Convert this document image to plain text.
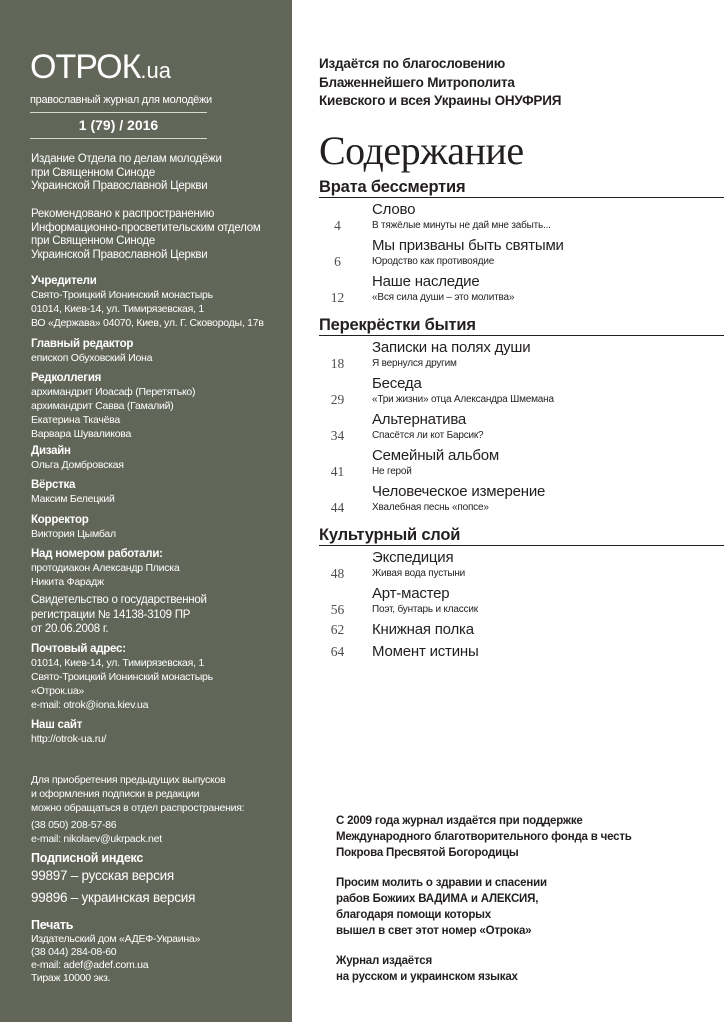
ОТРОК.ua
православный журнал для молодёжи
1 (79) / 2016
Издание Отдела по делам молодёжи
при Священном Синоде
Украинской Православной Церкви
Рекомендовано к распространению
Информационно-просветительским отделом
при Священном Синоде
Украинской Православной Церкви
Учредители
Свято-Троицкий Ионинский монастырь
01014, Киев-14, ул. Тимирязевская, 1
ВО «Держава» 04070, Киев, ул. Г. Сковороды, 17в
Главный редактор
епископ Обуховский Иона
Редколлегия
архимандрит Иоасаф (Перетятько)
архимандрит Савва (Гамалий)
Екатерина Ткачёва
Варвара Шуваликова
Дизайн
Ольга Домбровская
Вёрстка
Максим Белецкий
Корректор
Виктория Цымбал
Над номером работали:
протодиакон Александр Плиска
Никита Фарадж
Свидетельство о государственной
регистрации № 14138-3109 ПР
от 20.06.2008 г.
Почтовый адрес:
01014, Киев-14, ул. Тимирязевская, 1
Свято-Троицкий Ионинский монастырь
«Отрок.ua»
e-mail: otrok@iona.kiev.ua
Наш сайт
http://otrok-ua.ru/
Для приобретения предыдущих выпусков
и оформления подписки в редакции
можно обращаться в отдел распространения:
(38 050) 208-57-86
e-mail: nikolaev@ukrpack.net
Подписной индекс
99897 – русская версия
99896 – украинская версия
Печать
Издательский дом «АДЕФ-Украина»
(38 044) 284-08-60
e-mail: adef@adef.com.ua
Тираж 10000 экз.
Издаётся по благословению
Блаженнейшего Митрополита
Киевского и всея Украины ОНУФРИЯ
Содержание
Врата бессмертия
4
Слово
В тяжёлые минуты не дай мне забыть...
6
Мы призваны быть святыми
Юродство как противоядие
12
Наше наследие
«Вся сила души – это молитва»
Перекрёстки бытия
18
Записки на полях души
Я вернулся другим
29
Беседа
«Три жизни» отца Александра Шмемана
34
Альтернатива
Спасётся ли кот Барсик?
41
Семейный альбом
Не герой
44
Человеческое измерение
Хвалебная песнь «попсе»
Культурный слой
48
Экспедиция
Живая вода пустыни
56
Арт-мастер
Поэт, бунтарь и классик
62	Книжная полка
64	Момент истины
С 2009 года журнал издаётся при поддержке
Международного благотворительного фонда в честь
Покрова Пресвятой Богородицы
Просим молить о здравии и спасении
рабов Божиих ВАДИМА и АЛЕКСИЯ,
благодаря помощи которых
вышел в свет этот номер «Отрока»
Журнал издаётся
на русском и украинском языках
